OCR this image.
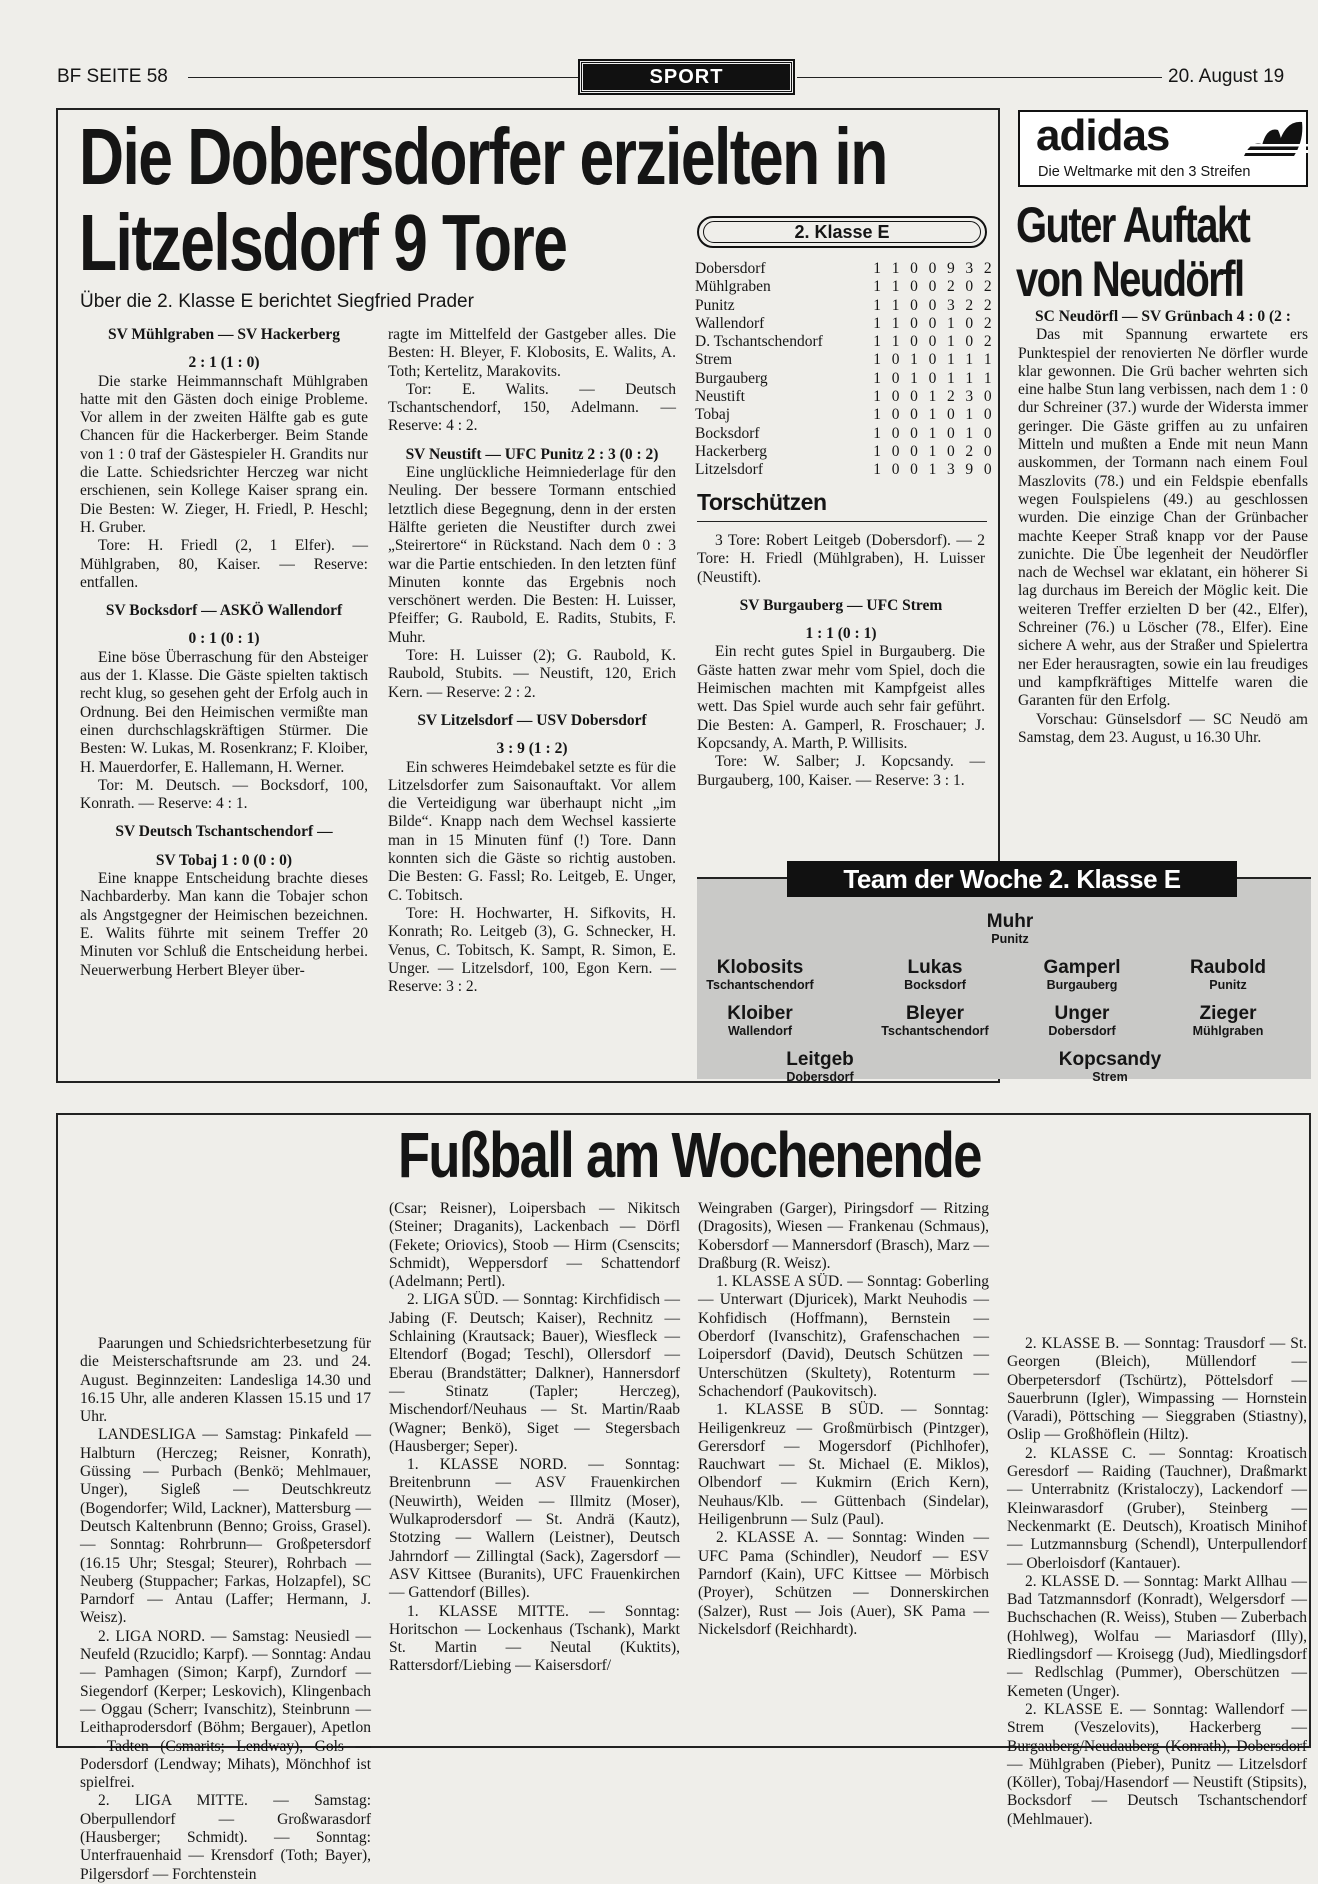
BF SEITE 58	SPORT	20. August 19
Die Dobersdorfer erzielten in
Litzelsdorf 9 Tore
Über die 2. Klasse E berichtet Siegfried Prader

SV Mühlgraben — SV Hackerberg

2 : 1 (1 : 0)

Die starke Heimmannschaft Mühlgraben hatte mit den Gästen doch einige Probleme. Vor allem in der zweiten Hälfte gab es gute Chancen für die Hackerberger. Beim Stande von 1 : 0 traf der Gästespieler H. Grandits nur die Latte. Schiedsrichter Herczeg war nicht erschienen, sein Kollege Kaiser sprang ein. Die Besten: W. Zieger, H. Friedl, P. Heschl; H. Gruber.

Tore: H. Friedl (2, 1 Elfer). — Mühlgraben, 80, Kaiser. — Reserve: entfallen.

SV Bocksdorf — ASKÖ Wallendorf

0 : 1 (0 : 1)

Eine böse Überraschung für den Absteiger aus der 1. Klasse. Die Gäste spielten taktisch recht klug, so gesehen geht der Erfolg auch in Ordnung. Bei den Heimischen vermißte man einen durchschlagskräftigen Stürmer. Die Besten: W. Lukas, M. Rosenkranz; F. Kloiber, H. Mauerdorfer, E. Hallemann, H. Werner.

Tor: M. Deutsch. — Bocksdorf, 100, Konrath. — Reserve: 4 : 1.

SV Deutsch Tschantschendorf —

SV Tobaj 1 : 0 (0 : 0)

Eine knappe Entscheidung brachte dieses Nachbarderby. Man kann die Tobajer schon als Angstgegner der Heimischen bezeichnen. E. Walits führte mit seinem Treffer 20 Minuten vor Schluß die Entscheidung herbei. Neuerwerbung Herbert Bleyer über-

ragte im Mittelfeld der Gastgeber alles. Die Besten: H. Bleyer, F. Klobosits, E. Walits, A. Toth; Kertelitz, Marakovits.

Tor: E. Walits. — Deutsch Tschantschendorf, 150, Adelmann. — Reserve: 4 : 2.

SV Neustift — UFC Punitz 2 : 3 (0 : 2)

Eine unglückliche Heimniederlage für den Neuling. Der bessere Tormann entschied letztlich diese Begegnung, denn in der ersten Hälfte gerieten die Neustifter durch zwei „Steirertore“ in Rückstand. Nach dem 0 : 3 war die Partie entschieden. In den letzten fünf Minuten konnte das Ergebnis noch verschönert werden. Die Besten: H. Luisser, Pfeiffer; G. Raubold, E. Radits, Stubits, F. Muhr.

Tore: H. Luisser (2); G. Raubold, K. Raubold, Stubits. — Neustift, 120, Erich Kern. — Reserve: 2 : 2.

SV Litzelsdorf — USV Dobersdorf

3 : 9 (1 : 2)

Ein schweres Heimdebakel setzte es für die Litzelsdorfer zum Saisonauftakt. Vor allem die Verteidigung war überhaupt nicht „im Bilde“. Knapp nach dem Wechsel kassierte man in 15 Minuten fünf (!) Tore. Dann konnten sich die Gäste so richtig austoben. Die Besten: G. Fassl; Ro. Leitgeb, E. Unger, C. Tobitsch.

Tore: H. Hochwarter, H. Sifkovits, H. Konrath; Ro. Leitgeb (3), G. Schnecker, H. Venus, C. Tobitsch, K. Sampt, R. Simon, E. Unger. — Litzelsdorf, 100, Egon Kern. — Reserve: 3 : 2.

2. Klasse E
Dobersdorf	1 1 0 0 9 3 2
Mühlgraben	1 1 0 0 2 0 2
Punitz	1 1 0 0 3 2 2
Wallendorf	1 1 0 0 1 0 2
D. Tschantschendorf	1 1 0 0 1 0 2
Strem	1 0 1 0 1 1 1
Burgauberg	1 0 1 0 1 1 1
Neustift	1 0 0 1 2 3 0
Tobaj	1 0 0 1 0 1 0
Bocksdorf	1 0 0 1 0 1 0
Hackerberg	1 0 0 1 0 2 0
Litzelsdorf	1 0 0 1 3 9 0
Torschützen

3 Tore: Robert Leitgeb (Dobersdorf). — 2 Tore: H. Friedl (Mühlgraben), H. Luisser (Neustift).

SV Burgauberg — UFC Strem

1 : 1 (0 : 1)

Ein recht gutes Spiel in Burgauberg. Die Gäste hatten zwar mehr vom Spiel, doch die Heimischen machten mit Kampfgeist alles wett. Das Spiel wurde auch sehr fair geführt. Die Besten: A. Gamperl, R. Froschauer; J. Kopcsandy, A. Marth, P. Willisits.

Tore: W. Salber; J. Kopcsandy. — Burgauberg, 100, Kaiser. — Reserve: 3 : 1.

Team der Woche 2. Klasse E
Muhr
Punitz
Klobosits
Tschantschendorf
Lukas
Bocksdorf
Gamperl
Burgauberg
Raubold
Punitz
Kloiber
Wallendorf
Bleyer
Tschantschendorf
Unger
Dobersdorf
Zieger
Mühlgraben
Leitgeb
Dobersdorf
Kopcsandy
Strem
adidas
Die Weltmarke mit den 3 Streifen
Guter Auftakt
von Neudörfl

SC Neudörfl — SV Grünbach 4 : 0 (2 :

Das mit Spannung erwartete ers Punktespiel der renovierten Ne dörfler wurde klar gewonnen. Die Grü bacher wehrten sich eine halbe Stun lang verbissen, nach dem 1 : 0 dur Schreiner (37.) wurde der Widersta immer geringer. Die Gäste griffen au zu unfairen Mitteln und mußten a Ende mit neun Mann auskommen, der Tormann nach einem Foul Maszlovits (78.) und ein Feldspie ebenfalls wegen Foulspielens (49.) au geschlossen wurden. Die einzige Chan der Grünbacher machte Keeper Straß knapp vor der Pause zunichte. Die Übe legenheit der Neudörfler nach de Wechsel war eklatant, ein höherer Si lag durchaus im Bereich der Möglic keit. Die weiteren Treffer erzielten D ber (42., Elfer), Schreiner (76.) u Löscher (78., Elfer). Eine sichere A wehr, aus der Straßer und Spielertra ner Eder herausragten, sowie ein lau freudiges und kampfkräftiges Mittelfe waren die Garanten für den Erfolg.

Vorschau: Günselsdorf — SC Neudö am Samstag, dem 23. August, u 16.30 Uhr.

Fußball am Wochenende

Paarungen und Schiedsrichterbesetzung für die Meisterschaftsrunde am 23. und 24. August. Beginnzeiten: Landesliga 14.30 und 16.15 Uhr, alle anderen Klassen 15.15 und 17 Uhr.

LANDESLIGA — Samstag: Pinkafeld — Halbturn (Herczeg; Reisner, Konrath), Güssing — Purbach (Benkö; Mehlmauer, Unger), Sigleß — Deutschkreutz (Bogendorfer; Wild, Lackner), Mattersburg — Deutsch Kaltenbrunn (Benno; Groiss, Grasel). — Sonntag: Rohrbrunn— Großpetersdorf (16.15 Uhr; Stesgal; Steurer), Rohrbach — Neuberg (Stuppacher; Farkas, Holzapfel), SC Parndorf — Antau (Laffer; Hermann, J. Weisz).

2. LIGA NORD. — Samstag: Neusiedl — Neufeld (Rzucidlo; Karpf). — Sonntag: Andau — Pamhagen (Simon; Karpf), Zurndorf — Siegendorf (Kerper; Leskovich), Klingenbach — Oggau (Scherr; Ivanschitz), Steinbrunn — Leithaprodersdorf (Böhm; Bergauer), Apetlon — Tadten (Csmarits; Lendway), Gols — Podersdorf (Lendway; Mihats), Mönchhof ist spielfrei.

2. LIGA MITTE. — Samstag: Oberpullendorf — Großwarasdorf (Hausberger; Schmidt). — Sonntag: Unterfrauenhaid — Krensdorf (Toth; Bayer), Pilgersdorf — Forchtenstein

(Csar; Reisner), Loipersbach — Nikitsch (Steiner; Draganits), Lackenbach — Dörfl (Fekete; Oriovics), Stoob — Hirm (Csenscits; Schmidt), Weppersdorf — Schattendorf (Adelmann; Pertl).

2. LIGA SÜD. — Sonntag: Kirchfidisch — Jabing (F. Deutsch; Kaiser), Rechnitz — Schlaining (Krautsack; Bauer), Wiesfleck — Eltendorf (Bogad; Teschl), Ollersdorf — Eberau (Brandstätter; Dalkner), Hannersdorf — Stinatz (Tapler; Herczeg), Mischendorf/Neuhaus — St. Martin/Raab (Wagner; Benkö), Siget — Stegersbach (Hausberger; Seper).

1. KLASSE NORD. — Sonntag: Breitenbrunn — ASV Frauenkirchen (Neuwirth), Weiden — Illmitz (Moser), Wulkaprodersdorf — St. Andrä (Kautz), Stotzing — Wallern (Leistner), Deutsch Jahrndorf — Zillingtal (Sack), Zagersdorf — ASV Kittsee (Buranits), UFC Frauenkirchen — Gattendorf (Billes).

1. KLASSE MITTE. — Sonntag: Horitschon — Lockenhaus (Tschank), Markt St. Martin — Neutal (Kuktits), Rattersdorf/Liebing — Kaisersdorf/

Weingraben (Garger), Piringsdorf — Ritzing (Dragosits), Wiesen — Frankenau (Schmaus), Kobersdorf — Mannersdorf (Brasch), Marz — Draßburg (R. Weisz).

1. KLASSE A SÜD. — Sonntag: Goberling — Unterwart (Djuricek), Markt Neuhodis — Kohfidisch (Hoffmann), Bernstein — Oberdorf (Ivanschitz), Grafenschachen — Loipersdorf (David), Deutsch Schützen — Unterschützen (Skultety), Rotenturm — Schachendorf (Paukovitsch).

1. KLASSE B SÜD. — Sonntag: Heiligenkreuz — Großmürbisch (Pintzger), Gerersdorf — Mogersdorf (Pichlhofer), Rauchwart — St. Michael (E. Miklos), Olbendorf — Kukmirn (Erich Kern), Neuhaus/Klb. — Güttenbach (Sindelar), Heiligenbrunn — Sulz (Paul).

2. KLASSE A. — Sonntag: Winden — UFC Pama (Schindler), Neudorf — ESV Parndorf (Kain), UFC Kittsee — Mörbisch (Proyer), Schützen — Donnerskirchen (Salzer), Rust — Jois (Auer), SK Pama — Nickelsdorf (Reichhardt).

2. KLASSE B. — Sonntag: Trausdorf — St. Georgen (Bleich), Müllendorf — Oberpetersdorf (Tschürtz), Pöttelsdorf — Sauerbrunn (Igler), Wimpassing — Hornstein (Varadi), Pöttsching — Sieggraben (Stiastny), Oslip — Großhöflein (Hiltz).

2. KLASSE C. — Sonntag: Kroatisch Geresdorf — Raiding (Tauchner), Draßmarkt — Unterrabnitz (Kristaloczy), Lackendorf — Kleinwarasdorf (Gruber), Steinberg — Neckenmarkt (E. Deutsch), Kroatisch Minihof — Lutzmannsburg (Schendl), Unterpullendorf — Oberloisdorf (Kantauer).

2. KLASSE D. — Sonntag: Markt Allhau — Bad Tatzmannsdorf (Konradt), Welgersdorf — Buchschachen (R. Weiss), Stuben — Zuberbach (Hohlweg), Wolfau — Mariasdorf (Illy), Riedlingsdorf — Kroisegg (Jud), Miedlingsdorf — Redlschlag (Pummer), Oberschützen — Kemeten (Unger).

2. KLASSE E. — Sonntag: Wallendorf — Strem (Veszelovits), Hackerberg — Burgauberg/Neudauberg (Konrath), Dobersdorf — Mühlgraben (Pieber), Punitz — Litzelsdorf (Köller), Tobaj/Hasendorf — Neustift (Stipsits), Bocksdorf — Deutsch Tschantschendorf (Mehlmauer).
